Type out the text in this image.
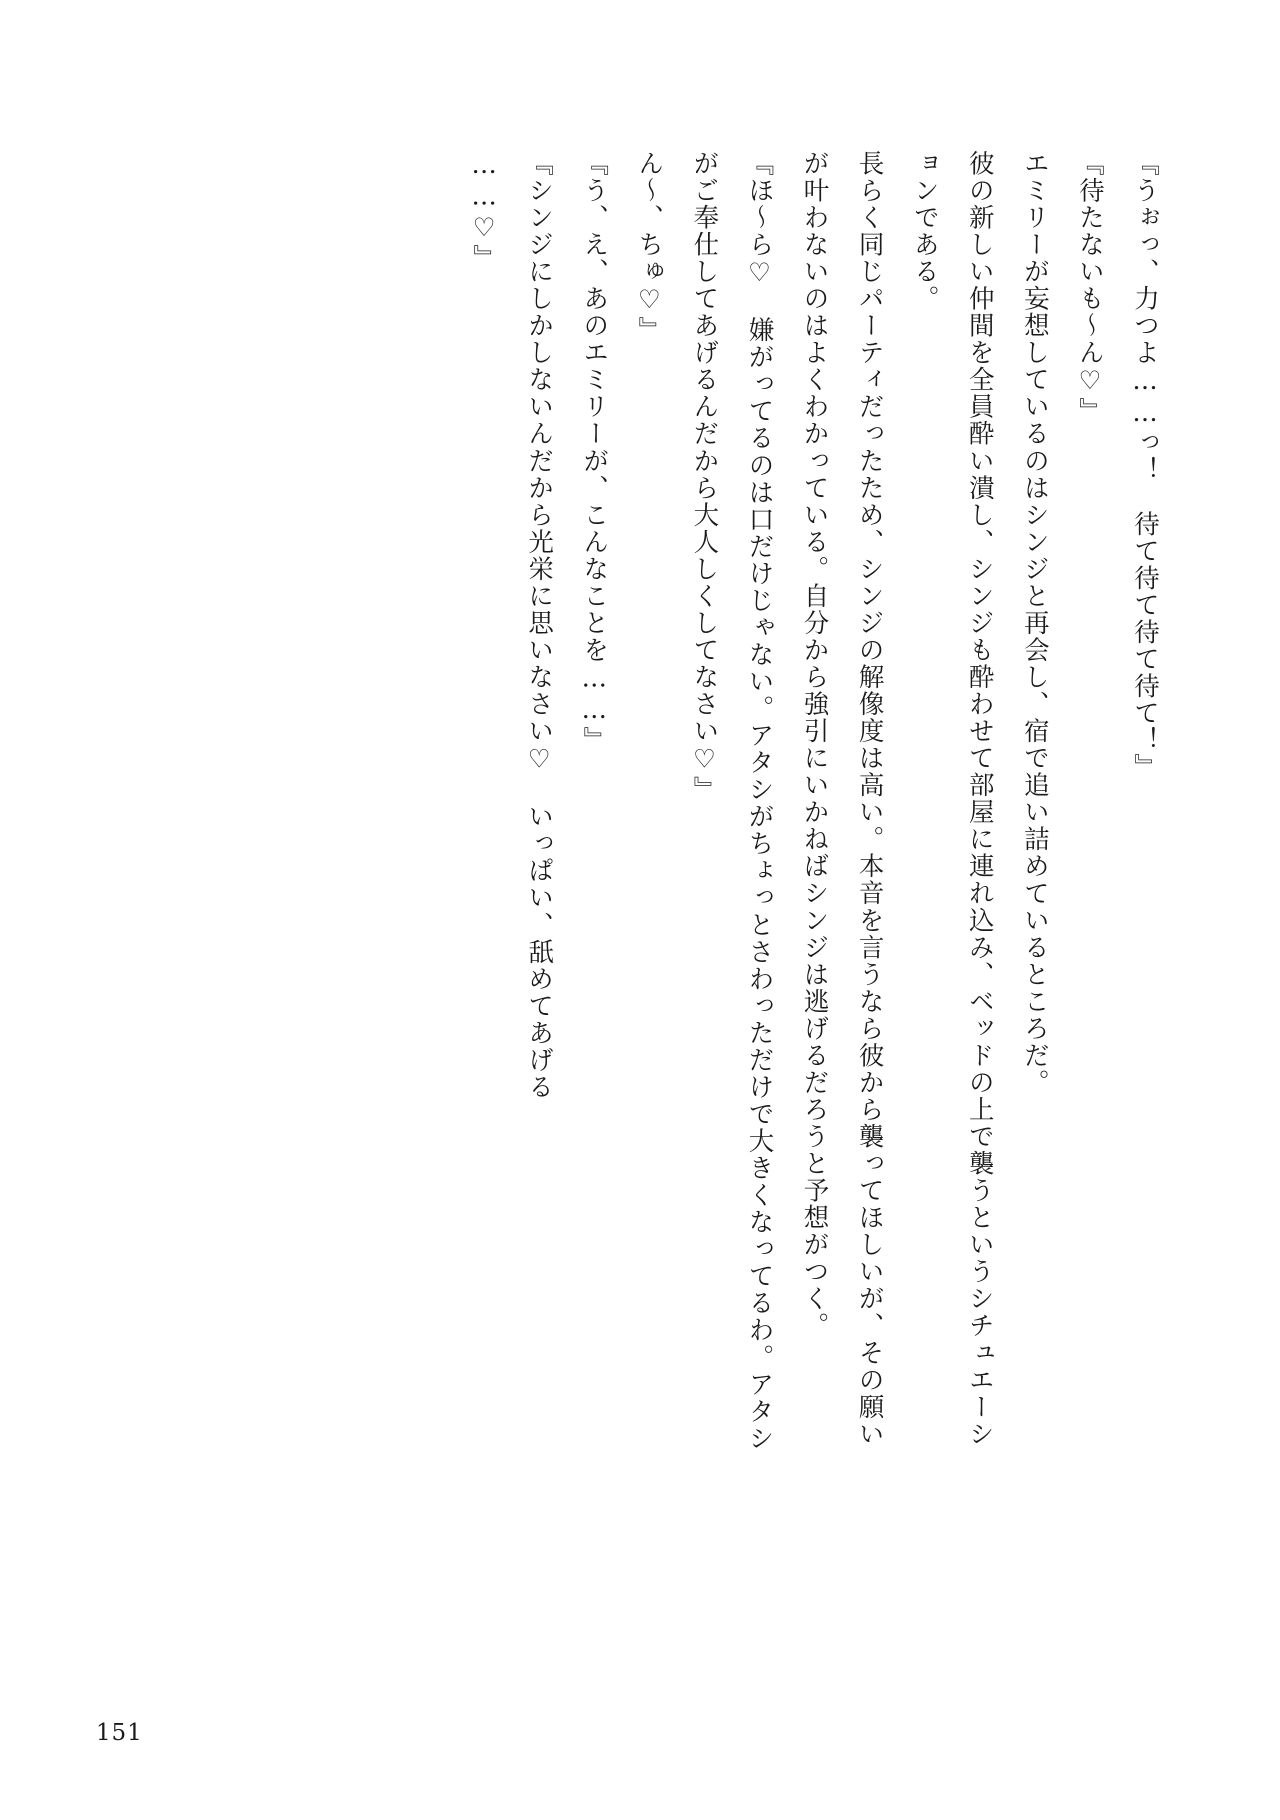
『うぉっ、力つよ……っ！　待て待て待て待て！』

『待たないも〜ん♡』

エミリーが妄想しているのはシンジと再会し、宿で追い詰めているところだ。

彼の新しい仲間を全員酔い潰し、シンジも酔わせて部屋に連れ込み、ベッドの上で襲うというシチュエーションである。

長らく同じパーティだったため、シンジの解像度は高い。本音を言うなら彼から襲ってほしいが、その願いが叶わないのはよくわかっている。自分から強引にいかねばシンジは逃げるだろうと予想がつく。

『ほ〜ら♡　嫌がってるのは口だけじゃない。アタシがちょっとさわっただけで大きくなってるわ。アタシがご奉仕してあげるんだから大人しくしてなさい♡』

ん〜、ちゅ♡』

『う、え、あのエミリーが、こんなことを……』

『シンジにしかしないんだから光栄に思いなさい♡　いっぱい、舐めてあげる

……♡』

151
